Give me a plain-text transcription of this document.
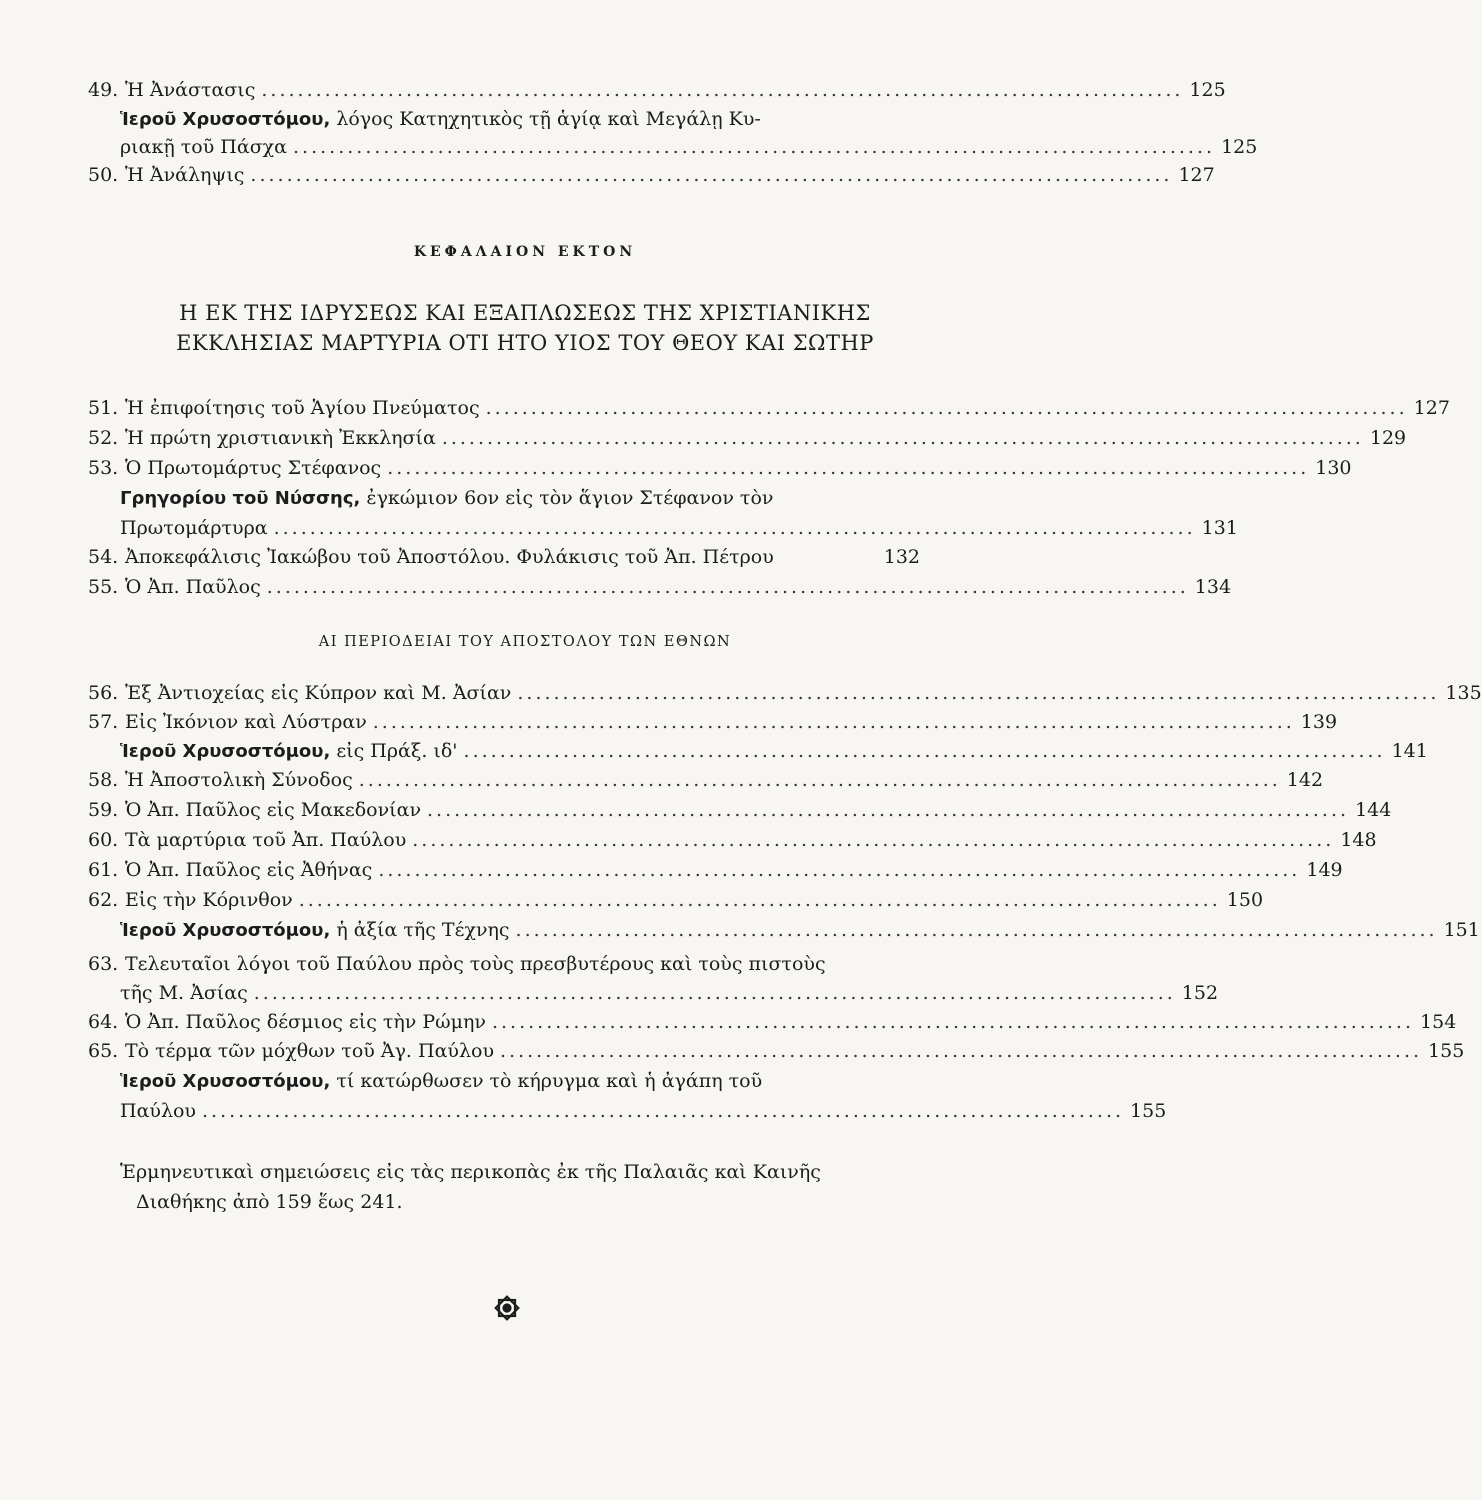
49. Ἡ Ἀνάστασις ...................................................................................................... 125
Ἱεροῦ Χρυσοστόμου, λόγος Κατηχητικὸς τῇ ἁγίᾳ καὶ Μεγάλῃ Κυ-
ριακῇ τοῦ Πάσχα ...................................................................................................... 125
50. Ἡ Ἀνάληψις ...................................................................................................... 127
ΚΕΦΑΛΑΙΟΝ ΕΚΤΟΝ
Η ΕΚ ΤΗΣ ΙΔΡΥΣΕΩΣ ΚΑΙ ΕΞΑΠΛΩΣΕΩΣ ΤΗΣ ΧΡΙΣΤΙΑΝΙΚΗΣ
ΕΚΚΛΗΣΙΑΣ ΜΑΡΤΥΡΙΑ ΟΤΙ ΗΤΟ ΥΙΟΣ ΤΟΥ ΘΕΟΥ ΚΑΙ ΣΩΤΗΡ
51. Ἡ ἐπιφοίτησις τοῦ Ἁγίου Πνεύματος ...................................................................................................... 127
52. Ἡ πρώτη χριστιανικὴ Ἐκκλησία ...................................................................................................... 129
53. Ὁ Πρωτομάρτυς Στέφανος ...................................................................................................... 130
Γρηγορίου τοῦ Νύσσης, ἐγκώμιον 6ον εἰς τὸν ἅγιον Στέφανον τὸν
Πρωτομάρτυρα ...................................................................................................... 131
54. Ἀποκεφάλισις Ἰακώβου τοῦ Ἀποστόλου. Φυλάκισις τοῦ Ἀπ. Πέτρου	132
55. Ὁ Ἀπ. Παῦλος ...................................................................................................... 134
ΑΙ ΠΕΡΙΟΔΕΙΑΙ ΤΟΥ ΑΠΟΣΤΟΛΟΥ ΤΩΝ ΕΘΝΩΝ
56. Ἐξ Ἀντιοχείας εἰς Κύπρον καὶ Μ. Ἀσίαν ...................................................................................................... 135
57. Εἰς Ἰκόνιον καὶ Λύστραν ...................................................................................................... 139
Ἱεροῦ Χρυσοστόμου, εἰς Πράξ. ιδ' ...................................................................................................... 141
58. Ἡ Ἀποστολικὴ Σύνοδος ...................................................................................................... 142
59. Ὁ Ἀπ. Παῦλος εἰς Μακεδονίαν ...................................................................................................... 144
60. Τὰ μαρτύρια τοῦ Ἀπ. Παύλου ...................................................................................................... 148
61. Ὁ Ἀπ. Παῦλος εἰς Ἀθήνας ...................................................................................................... 149
62. Εἰς τὴν Κόρινθον ...................................................................................................... 150
Ἱεροῦ Χρυσοστόμου, ἡ ἀξία τῆς Τέχνης ...................................................................................................... 151
63. Τελευταῖοι λόγοι τοῦ Παύλου πρὸς τοὺς πρεσβυτέρους καὶ τοὺς πιστοὺς
τῆς Μ. Ἀσίας ...................................................................................................... 152
64. Ὁ Ἀπ. Παῦλος δέσμιος εἰς τὴν Ρώμην ...................................................................................................... 154
65. Τὸ τέρμα τῶν μόχθων τοῦ Ἀγ. Παύλου ...................................................................................................... 155
Ἱεροῦ Χρυσοστόμου, τί κατώρθωσεν τὸ κήρυγμα καὶ ἡ ἀγάπη τοῦ
Παύλου ...................................................................................................... 155
Ἑρμηνευτικαὶ σημειώσεις εἰς τὰς περικοπὰς ἐκ τῆς Παλαιᾶς καὶ Καινῆς
Διαθήκης ἀπὸ 159 ἕως 241.
